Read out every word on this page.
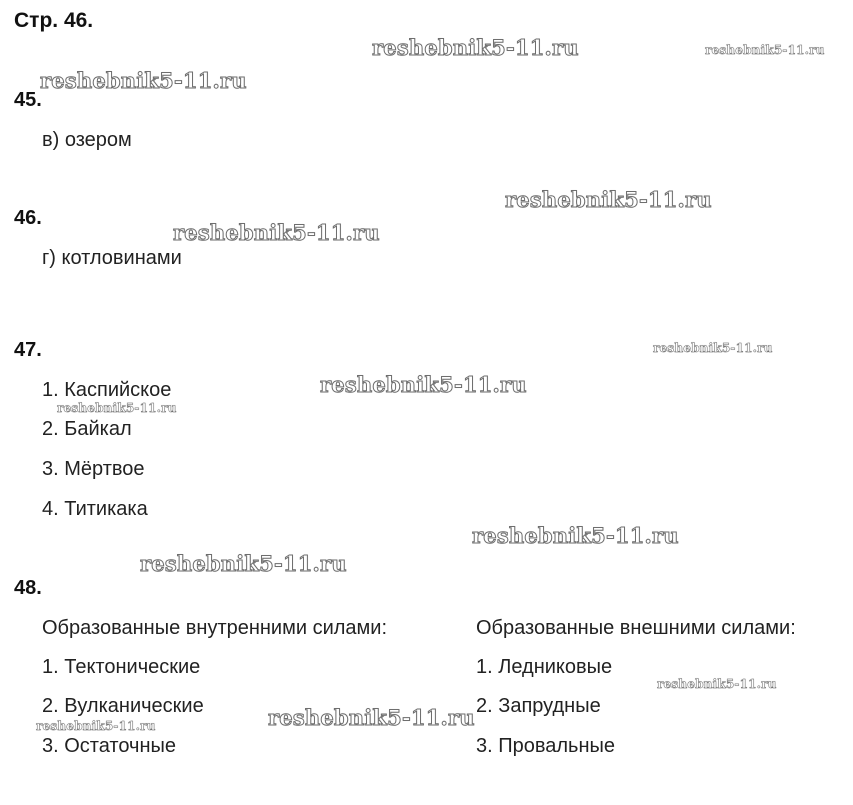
Стр. 46.
45.
в) озером
46.
г) котловинами
47.
1. Каспийское
2. Байкал
3. Мёртвое
4. Титикака
48.
Образованные внутренними силами:
1. Тектонические
2. Вулканические
3. Остаточные
Образованные внешними силами:
1. Ледниковые
2. Запрудные
3. Провальные
reshebnik5-11.ru	reshebnik5-11.ru
reshebnik5-11.ru
reshebnik5-11.ru
reshebnik5-11.ru
reshebnik5-11.ru
reshebnik5-11.ru
reshebnik5-11.ru
reshebnik5-11.ru
reshebnik5-11.ru
reshebnik5-11.ru
reshebnik5-11.ru
reshebnik5-11.ru
